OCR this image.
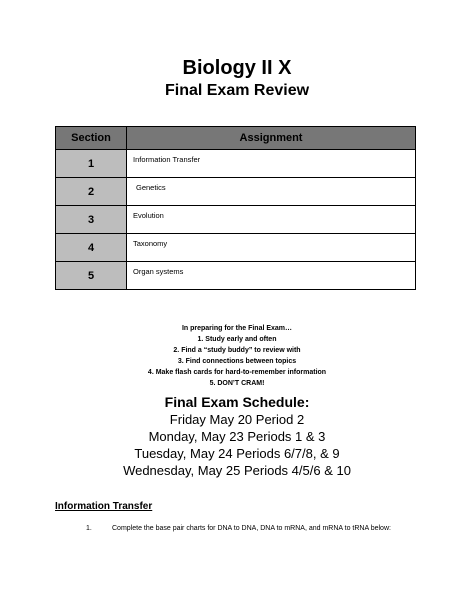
Biology II X
Final Exam Review
Section	Assignment
1	Information Transfer
2	Genetics
3	Evolution
4	Taxonomy
5	Organ systems
In preparing for the Final Exam…
1. Study early and often
2. Find a “study buddy” to review with
3. Find connections between topics
4. Make flash cards for hard-to-remember information
5. DON’T CRAM!
Final Exam Schedule:
Friday May 20 Period 2
Monday, May 23 Periods 1 & 3
Tuesday, May 24 Periods 6/7/8, & 9
Wednesday, May 25 Periods 4/5/6 & 10
Information Transfer
1.	Complete the base pair charts for DNA to DNA, DNA to mRNA, and mRNA to tRNA below:
